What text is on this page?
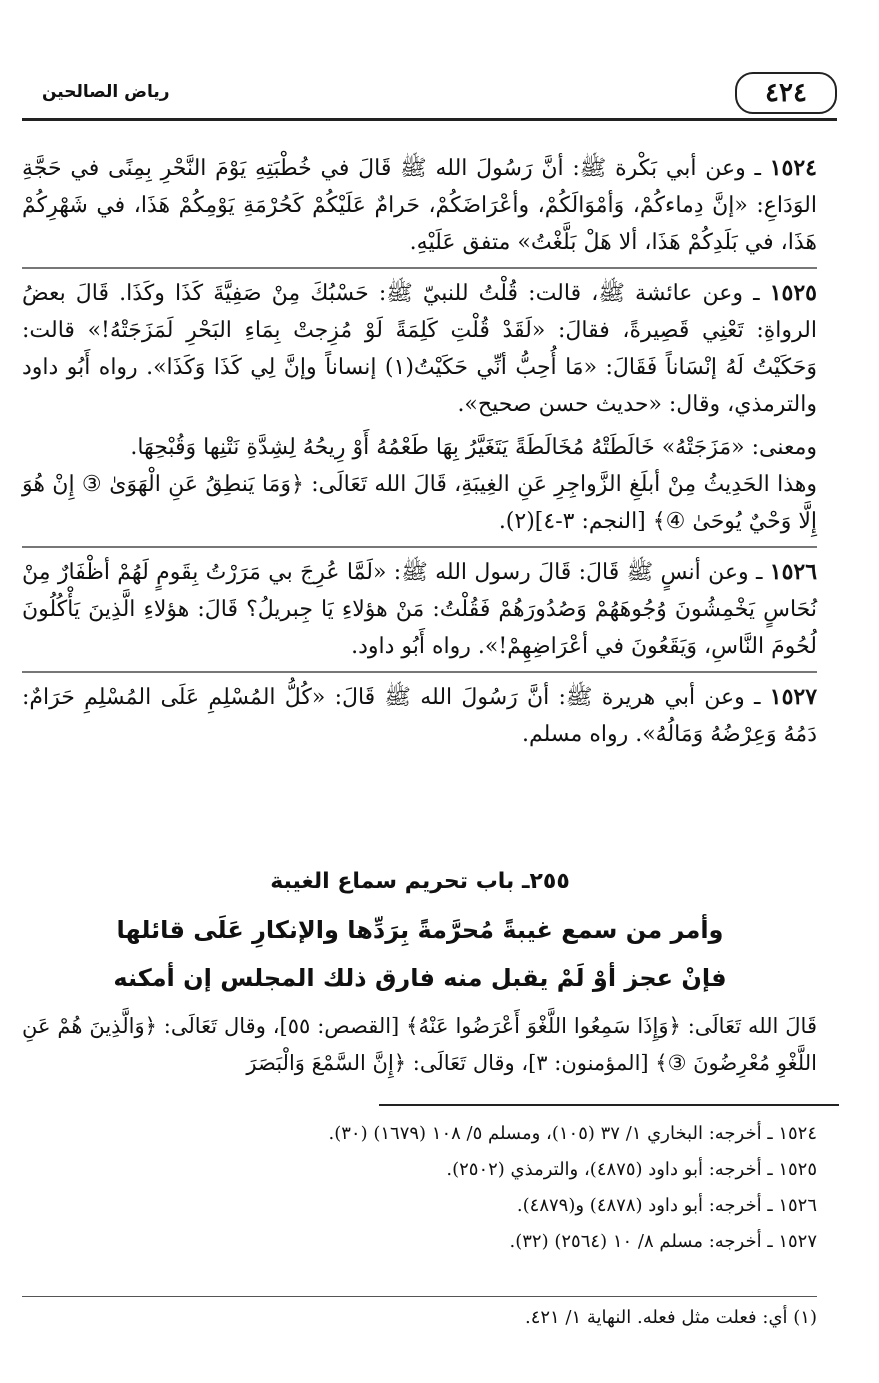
٤٢٤
رياض الصالحين

١٥٢٤ ـ وعن أبي بَكْرة ﷺ: أنَّ رَسُولَ الله ﷺ قَالَ في خُطْبَتِهِ يَوْمَ النَّحْرِ بِمِنًى في حَجَّةِ الوَدَاعِ: «إنَّ دِماءكُمْ، وَأمْوَالَكُمْ، وأعْرَاضَكُمْ، حَرامٌ عَلَيْكُمْ كَحُرْمَةِ يَوْمِكُمْ هَذَا، في شَهْرِكُمْ هَذَا، في بَلَدِكُمْ هَذَا، ألا هَلْ بَلَّغْتُ» متفق عَلَيْهِ.

١٥٢٥ ـ وعن عائشة ﷺ، قالت: قُلْتُ للنبيّ ﷺ: حَسْبُكَ مِنْ صَفِيَّةَ كَذَا وكَذَا. قَالَ بعضُ الرواةِ: تَعْنِي قَصِيرةً، فقالَ: «لَقَدْ قُلْتِ كَلِمَةً لَوْ مُزِجتْ بِمَاءِ البَحْرِ لَمَزَجَتْهُ!» قالت: وَحَكَيْتُ لَهُ إنْسَاناً فَقَالَ: «مَا أُحِبُّ أنِّي حَكَيْتُ(١) إنساناً وإنَّ لِي كَذَا وَكَذَا». رواه أَبُو داود والترمذي، وقال: «حديث حسن صحيح».

ومعنى: «مَزَجَتْهُ» خَالَطَتْهُ مُخَالَطَةً يَتَغَيَّرُ بِهَا طَعْمُهُ أَوْ رِيحُهُ لِشِدَّةِ نَتْنِها وَقُبْحِهَا.

وهذا الحَدِيثُ مِنْ أبلَغِ الزَّواجِرِ عَنِ الغِيبَةِ، قَالَ الله تَعَالَى: ﴿وَمَا يَنطِقُ عَنِ الْهَوَىٰ ③ إِنْ هُوَ إِلَّا وَحْيٌ يُوحَىٰ ④﴾ [النجم: ٣-٤](٢).

١٥٢٦ ـ وعن أنسٍ ﷺ قَالَ: قَالَ رسول الله ﷺ: «لَمَّا عُرِجَ بي مَرَرْتُ بِقَومٍ لَهُمْ أظْفَارٌ مِنْ نُحَاسٍ يَخْمِشُونَ وُجُوهَهُمْ وَصُدُورَهُمْ فَقُلْتُ: مَنْ هؤلاءِ يَا جِبريلُ؟ قَالَ: هؤلاءِ الَّذِينَ يَأْكُلُونَ لُحُومَ النَّاسِ، وَيَقَعُونَ في أعْرَاضِهِمْ!». رواه أَبُو داود.

١٥٢٧ ـ وعن أبي هريرة ﷺ: أنَّ رَسُولَ الله ﷺ قَالَ: «كُلُّ المُسْلِمِ عَلَى المُسْلِمِ حَرَامٌ: دَمُهُ وَعِرْضُهُ وَمَالُهُ». رواه مسلم.

٢٥٥ـ باب تحريم سماع الغيبة
وأمر من سمع غيبةً مُحرَّمةً بِرَدِّها والإنكارِ عَلَى قائلها
فإنْ عجز أوْ لَمْ يقبل منه فارق ذلك المجلس إن أمكنه
قَالَ الله تَعَالَى: ﴿وَإِذَا سَمِعُوا اللَّغْوَ أَعْرَضُوا عَنْهُ﴾ [القصص: ٥٥]، وقال تَعَالَى: ﴿وَالَّذِينَ هُمْ عَنِ اللَّغْوِ مُعْرِضُونَ ③﴾ [المؤمنون: ٣]، وقال تَعَالَى: ﴿إِنَّ السَّمْعَ وَالْبَصَرَ
١٥٢٤ ـ أخرجه: البخاري ١/ ٣٧ (١٠٥)، ومسلم ٥/ ١٠٨ (١٦٧٩) (٣٠).
١٥٢٥ ـ أخرجه: أبو داود (٤٨٧٥)، والترمذي (٢٥٠٢).
١٥٢٦ ـ أخرجه: أبو داود (٤٨٧٨) و(٤٨٧٩).
١٥٢٧ ـ أخرجه: مسلم ٨/ ١٠ (٢٥٦٤) (٣٢).
(١) أي: فعلت مثل فعله. النهاية ١/ ٤٢١.
